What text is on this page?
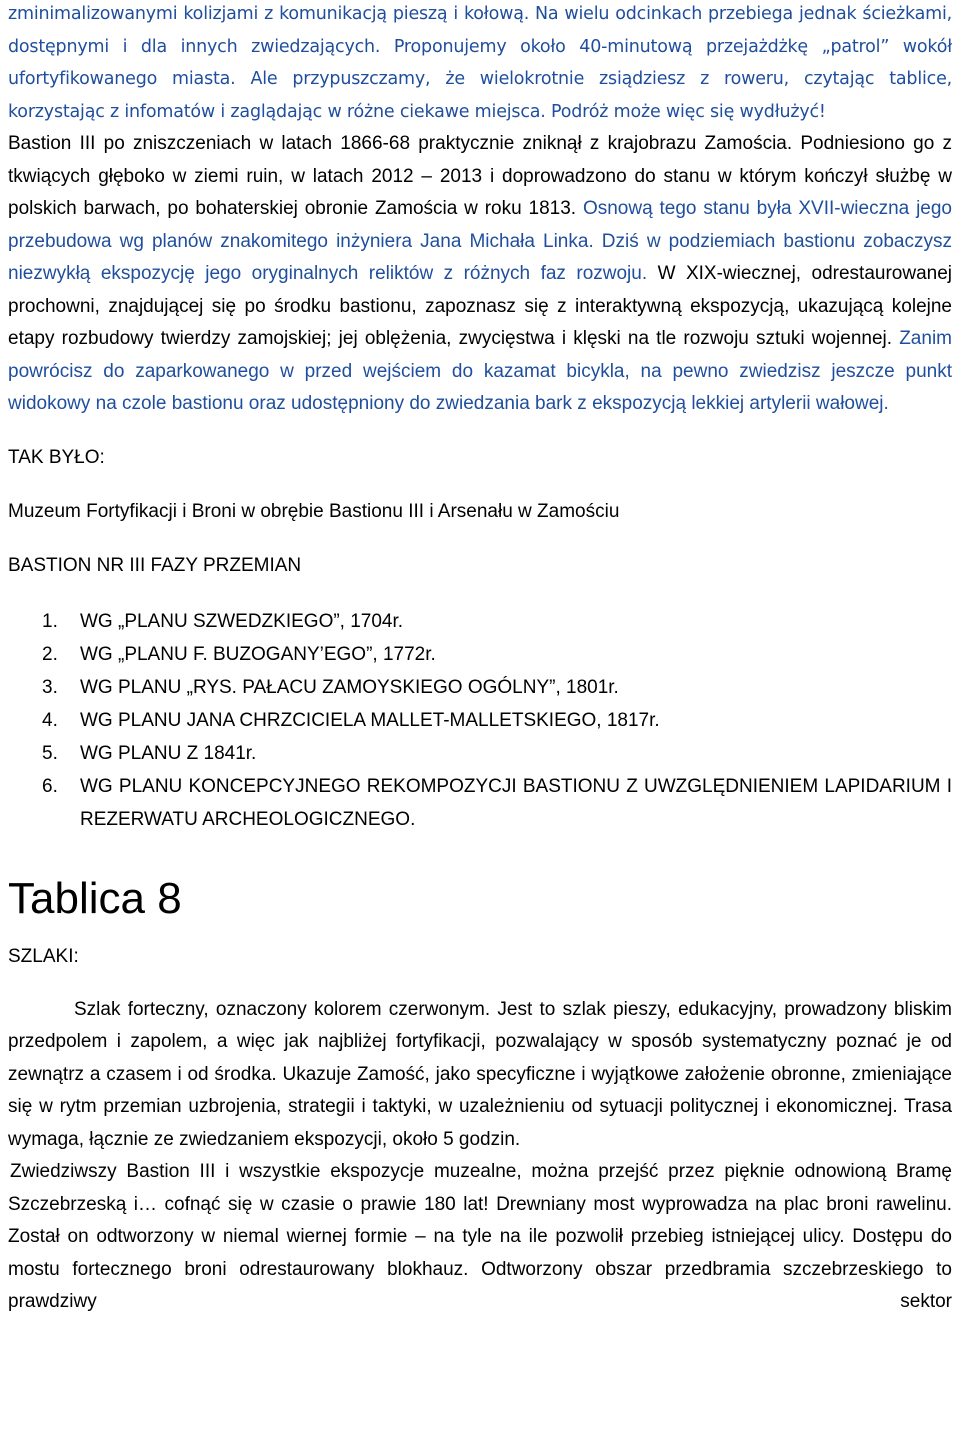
zminimalizowanymi kolizjami z komunikacją pieszą i kołową. Na wielu odcinkach przebiega jednak ścieżkami, dostępnymi i dla innych zwiedzających. Proponujemy około 40-minutową przejażdżkę „patrol” wokół ufortyfikowanego miasta. Ale przypuszczamy, że wielokrotnie zsiądziesz z roweru, czytając tablice, korzystając z infomatów i zaglądając w różne ciekawe miejsca. Podróż może więc się wydłużyć!

Bastion III po zniszczeniach w latach 1866-68 praktycznie zniknął z krajobrazu Zamościa. Podniesiono go z tkwiących głęboko w ziemi ruin, w latach 2012 – 2013 i doprowadzono do stanu w którym kończył służbę w polskich barwach, po bohaterskiej obronie Zamościa w roku 1813. Osnową tego stanu była XVII-wieczna jego przebudowa wg planów znakomitego inżyniera Jana Michała Linka. Dziś w podziemiach bastionu zobaczysz niezwykłą ekspozycję jego oryginalnych reliktów z różnych faz rozwoju. W XIX-wiecznej, odrestaurowanej prochowni, znajdującej się po środku bastionu, zapoznasz się z interaktywną ekspozycją, ukazującą kolejne etapy rozbudowy twierdzy zamojskiej; jej oblężenia, zwycięstwa i klęski na tle rozwoju sztuki wojennej. Zanim powrócisz do zaparkowanego w przed wejściem do kazamat bicykla, na pewno zwiedzisz jeszcze punkt widokowy na czole bastionu oraz udostępniony do zwiedzania bark z ekspozycją lekkiej artylerii wałowej.

TAK BYŁO:
Muzeum Fortyfikacji i Broni w obrębie Bastionu III i Arsenału w Zamościu
BASTION NR III FAZY PRZEMIAN
1.	WG „PLANU SZWEDZKIEGO”, 1704r.
2.	WG „PLANU F. BUZOGANY’EGO”, 1772r.
3.	WG PLANU „RYS. PAŁACU ZAMOYSKIEGO OGÓLNY”, 1801r.
4.	WG PLANU JANA CHRZCICIELA MALLET-MALLETSKIEGO, 1817r.
5.	WG PLANU Z 1841r.
6.	WG PLANU KONCEPCYJNEGO REKOMPOZYCJI BASTIONU Z UWZGLĘDNIENIEM LAPIDARIUM I REZERWATU ARCHEOLOGICZNEGO.
Tablica 8
SZLAKI:

Szlak forteczny, oznaczony kolorem czerwonym. Jest to szlak pieszy, edukacyjny, prowadzony bliskim przedpolem i zapolem, a więc jak najbliżej fortyfikacji, pozwalający w sposób systematyczny poznać je od zewnątrz a czasem i od środka. Ukazuje Zamość, jako specyficzne i wyjątkowe założenie obronne, zmieniające się w rytm przemian uzbrojenia, strategii i taktyki, w uzależnieniu od sytuacji politycznej i ekonomicznej. Trasa wymaga, łącznie ze zwiedzaniem ekspozycji, około 5 godzin.

Zwiedziwszy Bastion III i wszystkie ekspozycje muzealne, można przejść przez pięknie odnowioną Bramę Szczebrzeską i… cofnąć się w czasie o prawie 180 lat! Drewniany most wyprowadza na plac broni rawelinu. Został on odtworzony w niemal wiernej formie – na tyle na ile pozwolił przebieg istniejącej ulicy. Dostępu do mostu fortecznego broni odrestaurowany blokhauz. Odtworzony obszar przedbramia szczebrzeskiego to prawdziwy sektor
